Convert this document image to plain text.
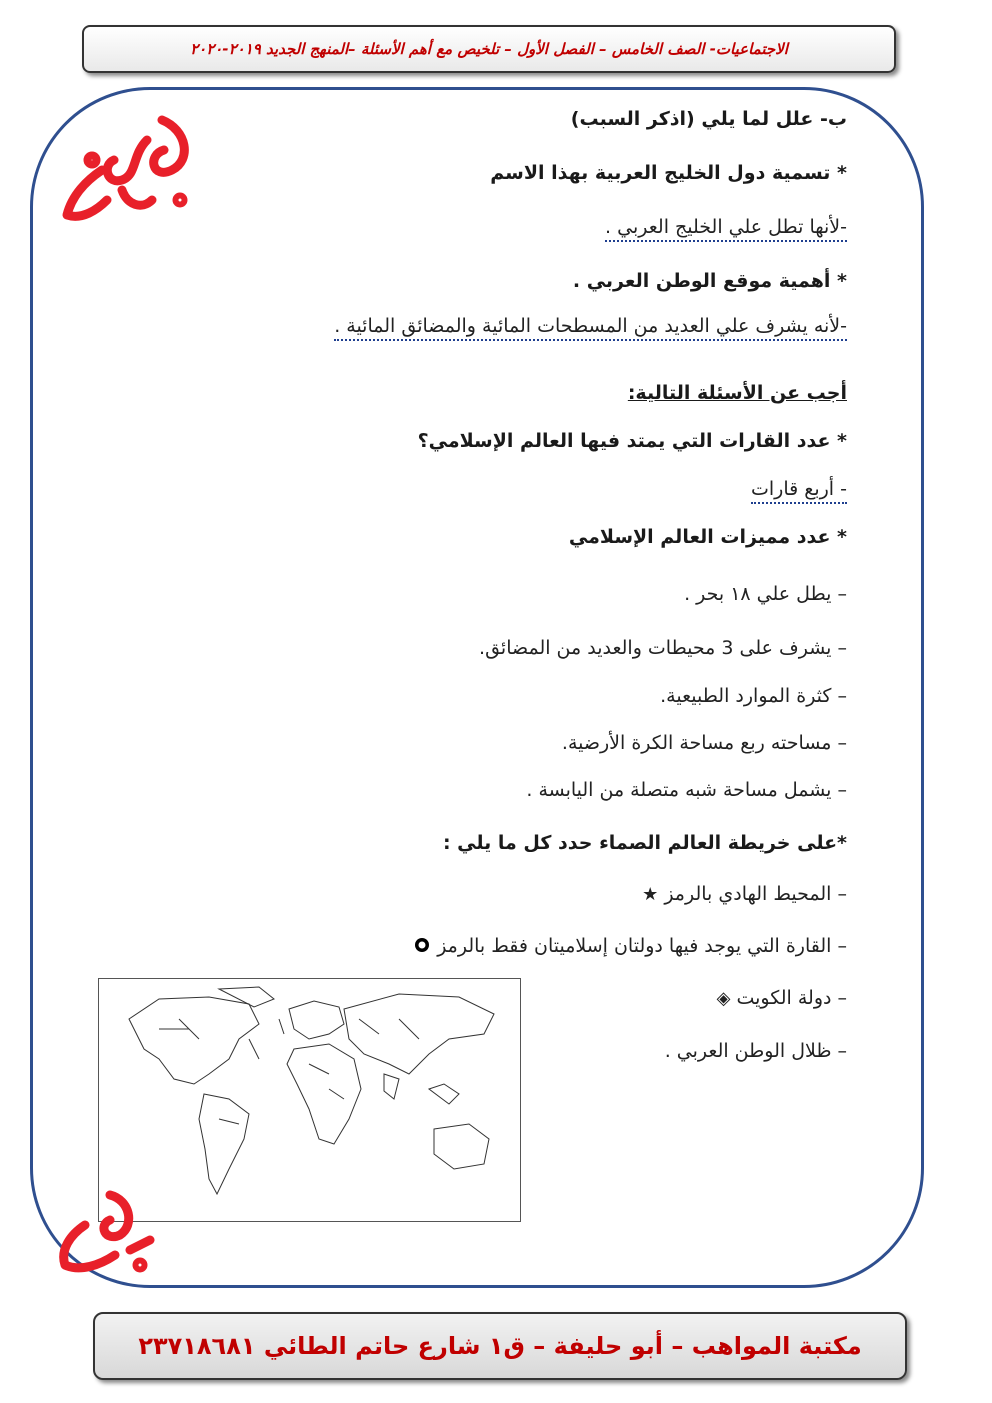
الاجتماعيات- الصف الخامس – الفصل الأول – تلخيص مع أهم الأسئلة –المنهج الجديد ٢٠١٩-٢٠٢٠
ب- علل لما يلي (اذكر السبب)
* تسمية دول الخليج العربية بهذا الاسم
-لأنها تطل علي الخليج العربي .
* أهمية موقع الوطن العربي .
-لأنه يشرف علي العديد من المسطحات المائية والمضائق المائية .
أجب عن الأسئلة التالية:
* عدد القارات التي يمتد فيها العالم الإسلامي؟
- أربع قارات
* عدد مميزات العالم الإسلامي
– يطل علي ١٨ بحر .
– يشرف على 3 محيطات والعديد من المضائق.
– كثرة الموارد الطبيعية.
– مساحته ربع مساحة الكرة الأرضية.
– يشمل مساحة شبه متصلة من اليابسة .
*على خريطة العالم الصماء حدد كل ما يلي :
– المحيط الهادي بالرمز ★
– القارة التي يوجد فيها دولتان إسلاميتان فقط بالرمز
– دولة الكويت ◈
– ظلال الوطن العربي .
مكتبة المواهب – أبو حليفة – ق١ شارع حاتم الطائي ٢٣٧١٨٦٨١
